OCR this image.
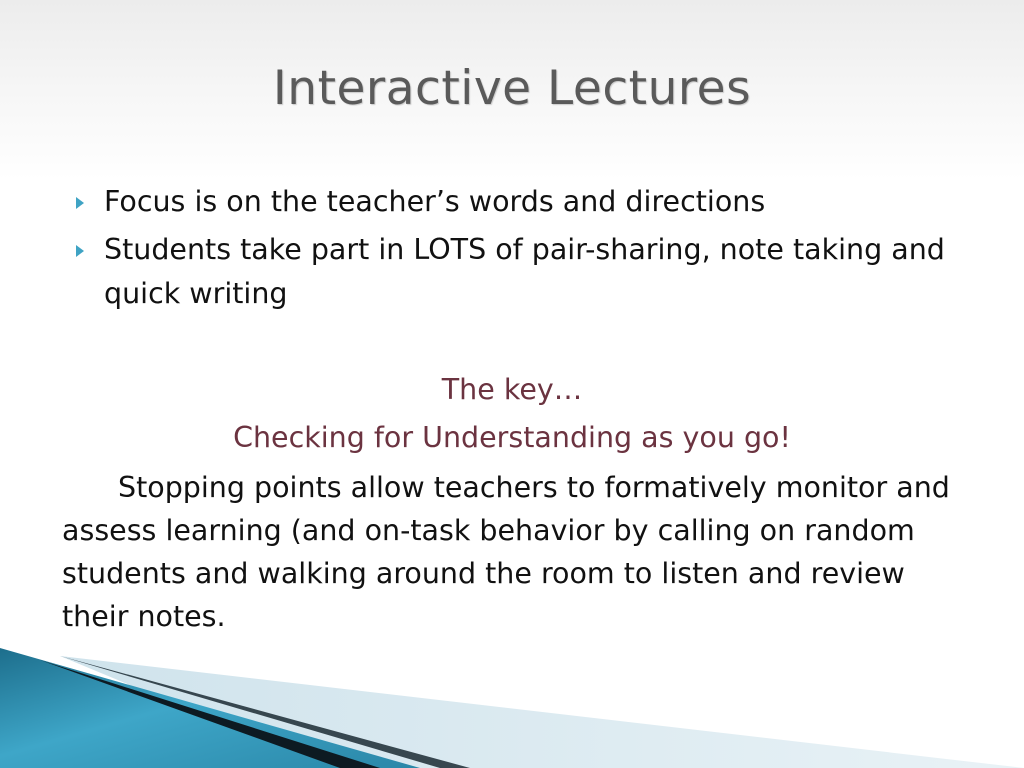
Interactive Lectures
Focus is on the teacher’s words and directions
Students take part in LOTS of pair-sharing, note taking and quick writing
The key…
Checking for Understanding as you go!

Stopping points allow teachers to formatively monitor and assess learning (and on-task behavior by calling on random students and walking around the room to listen and review their notes.
